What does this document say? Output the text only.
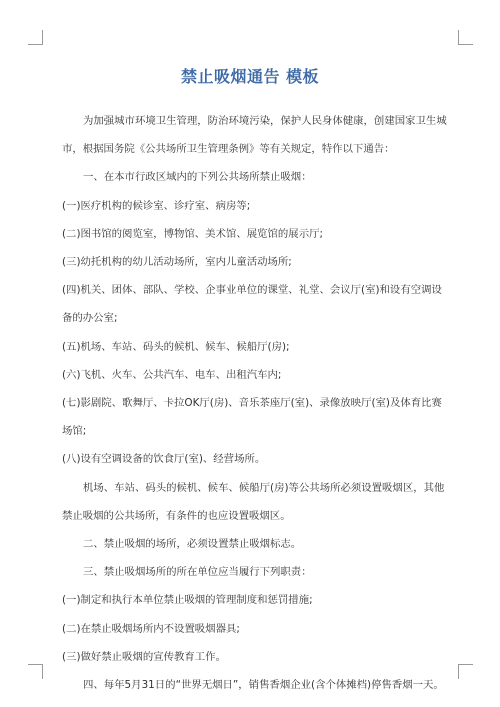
禁止吸烟通告 模板

为加强城市环境卫生管理，防治环境污染，保护人民身体健康，创建国家卫生城市，根据国务院《公共场所卫生管理条例》等有关规定，特作以下通告：

一、在本市行政区域内的下列公共场所禁止吸烟：

(一)医疗机构的候诊室、诊疗室、病房等;

(二)图书馆的阅览室，博物馆、美术馆、展览馆的展示厅;

(三)幼托机构的幼儿活动场所，室内儿童活动场所;

(四)机关、团体、部队、学校、企事业单位的课堂、礼堂、会议厅(室)和设有空调设备的办公室;

(五)机场、车站、码头的候机、候车、候船厅(房);

(六)飞机、火车、公共汽车、电车、出租汽车内;

(七)影剧院、歌舞厅、卡拉OK厅(房)、音乐茶座厅(室)、录像放映厅(室)及体育比赛场馆;

(八)设有空调设备的饮食厅(室)、经营场所。

机场、车站、码头的候机、候车、候船厅(房)等公共场所必须设置吸烟区，其他禁止吸烟的公共场所，有条件的也应设置吸烟区。

二、禁止吸烟的场所，必须设置禁止吸烟标志。

三、禁止吸烟场所的所在单位应当履行下列职责：

(一)制定和执行本单位禁止吸烟的管理制度和惩罚措施;

(二)在禁止吸烟场所内不设置吸烟器具;

(三)做好禁止吸烟的宣传教育工作。

四、每年5月31日的“世界无烟日”，销售香烟企业(含个体摊档)停售香烟一天。
